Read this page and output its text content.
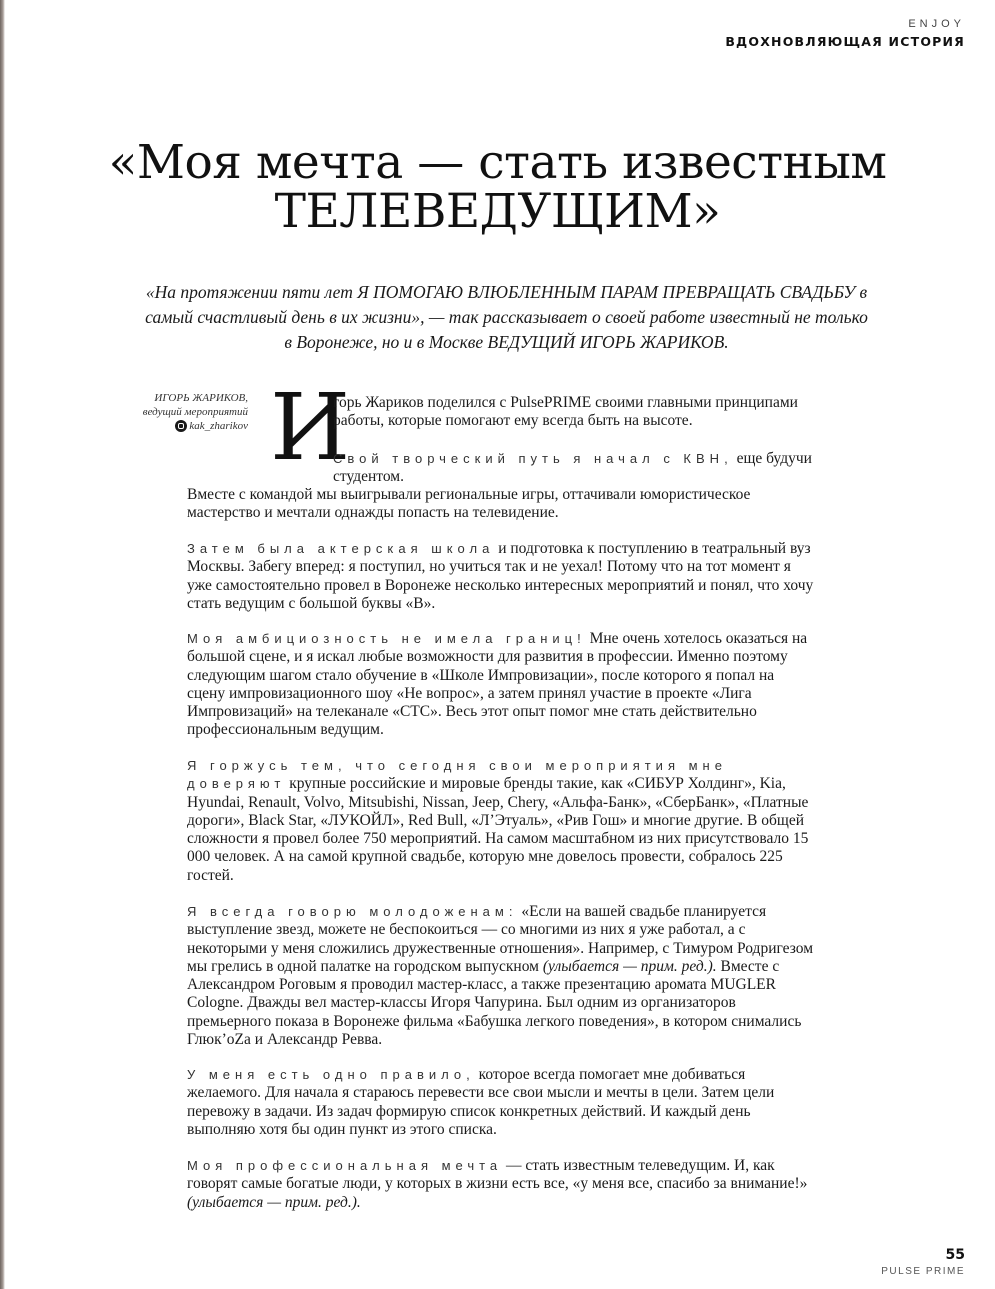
ENJOY
ВДОХНОВЛЯЮЩАЯ ИСТОРИЯ
«Моя мечта — стать известным
ТЕЛЕВЕДУЩИМ»
«На протяжении пяти лет Я ПОМОГАЮ ВЛЮБЛЕННЫМ ПАРАМ ПРЕВРАЩАТЬ СВАДЬБУ в самый счастливый день в их жизни», — так рассказывает о своей работе известный не только в Воронеже, но и в Москве ВЕДУЩИЙ ИГОРЬ ЖАРИКОВ.
ИГОРЬ ЖАРИКОВ,
ведущий мероприятий
kak_zharikov И
горь Жариков поделился с PulsePRIME своими главными принципами работы, которые помогают ему всегда быть на высоте.
Свой творческий путь я начал с КВН, еще будучи студентом.
Вместе с командой мы выигрывали региональные игры, оттачивали юмористическое мастерство и мечтали однажды попасть на телевидение.
Затем была актерская школа и подготовка к поступлению в театральный вуз Москвы. Забегу вперед: я поступил, но учиться так и не уехал! Потому что на тот момент я уже самостоятельно провел в Воронеже несколько интересных мероприятий и понял, что хочу стать ведущим с большой буквы «В».
Моя амбициозность не имела границ! Мне очень хотелось оказаться на большой сцене, и я искал любые возможности для развития в профессии. Именно поэтому следующим шагом стало обучение в «Школе Импровизации», после которого я попал на сцену импровизационного шоу «Не вопрос», а затем принял участие в проекте «Лига Импровизаций» на телеканале «СТС». Весь этот опыт помог мне стать действительно профессиональным ведущим.
Я горжусь тем, что сегодня свои мероприятия мне доверяют крупные российские и мировые бренды такие, как «СИБУР Холдинг», Kia, Hyundai, Renault, Volvo, Mitsubishi, Nissan, Jeep, Chery, «Альфа-Банк», «СберБанк», «Платные дороги», Black Star, «ЛУКОЙЛ», Red Bull, «Л’Этуаль», «Рив Гош» и многие другие. В общей сложности я провел более 750 мероприятий. На самом масштабном из них присутствовало 15 000 человек. А на самой крупной свадьбе, которую мне довелось провести, собралось 225 гостей.
Я всегда говорю молодоженам: «Если на вашей свадьбе планируется выступление звезд, можете не беспокоиться — со многими из них я уже работал, а с некоторыми у меня сложились дружественные отношения». Например, с Тимуром Родригезом мы грелись в одной палатке на городском выпускном (улыбается — прим. ред.). Вместе с Александром Роговым я проводил мастер-класс, а также презентацию аромата MUGLER Cologne. Дважды вел мастер-классы Игоря Чапурина. Был одним из организаторов премьерного показа в Воронеже фильма «Бабушка легкого поведения», в котором снимались Глюк’oZa и Александр Ревва.
У меня есть одно правило, которое всегда помогает мне добиваться желаемого. Для начала я стараюсь перевести все свои мысли и мечты в цели. Затем цели перевожу в задачи. Из задач формирую список конкретных действий. И каждый день выполняю хотя бы один пункт из этого списка.
Моя профессиональная мечта — стать известным телеведущим. И, как говорят самые богатые люди, у которых в жизни есть все, «у меня все, спасибо за внимание!» (улыбается — прим. ред.).
55
PULSE PRIME
